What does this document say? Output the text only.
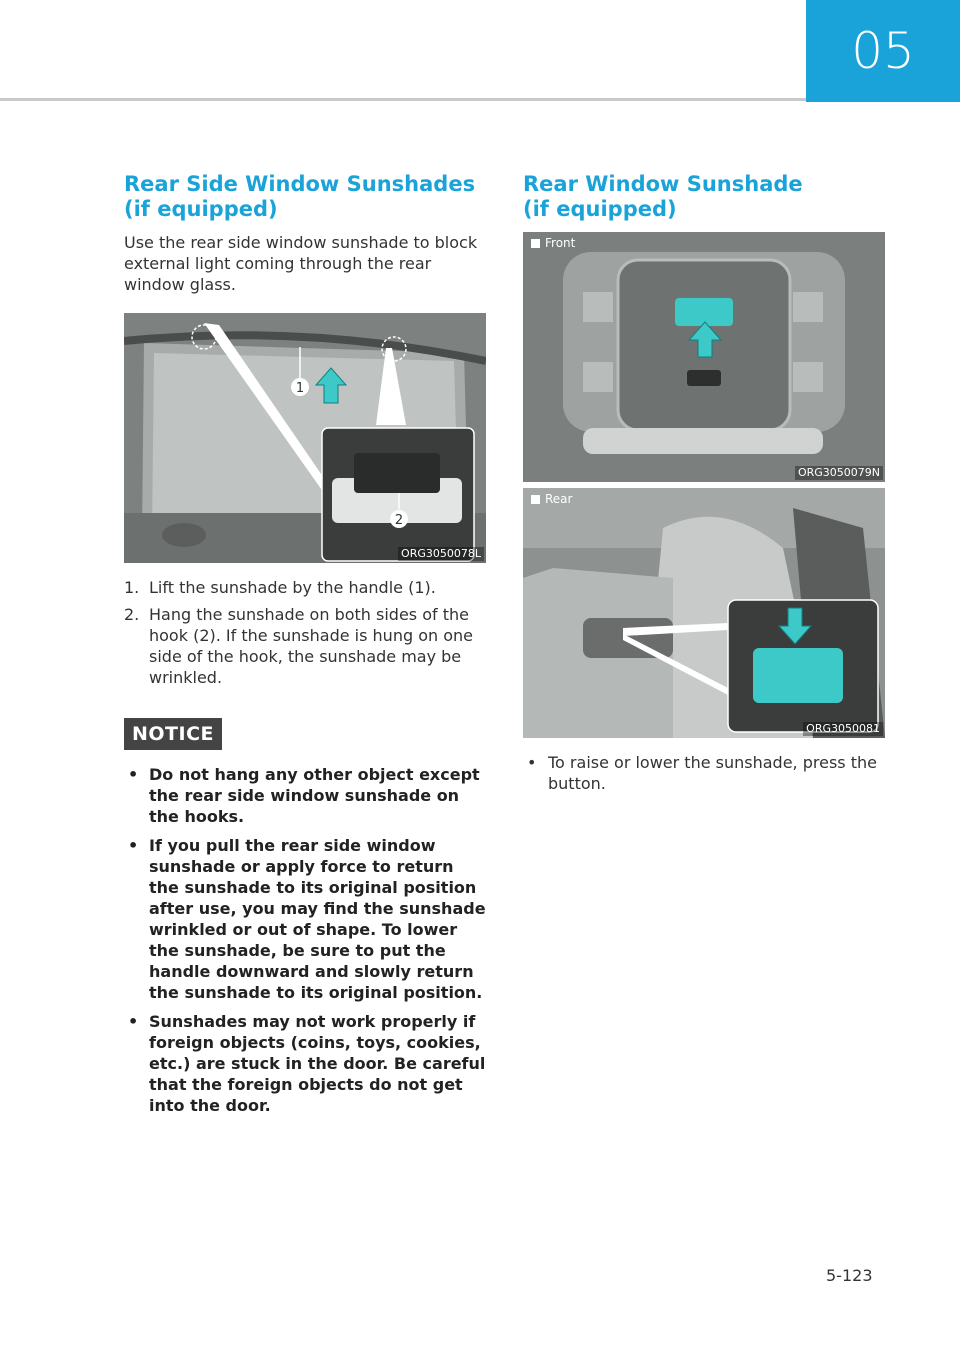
05
Rear Side Window Sunshades
(if equipped)

Use the rear side window sunshade to block external light coming through the rear window glass.

1
2
ORG3050078L
1. Lift the sunshade by the handle (1).
2. Hang the sunshade on both sides of the hook (2). If the sunshade is hung on one side of the hook, the sunshade may be wrinkled.
NOTICE
• Do not hang any other object except the rear side window sunshade on the hooks.
• If you pull the rear side window sunshade or apply force to return the sunshade to its original position after use, you may find the sunshade wrinkled or out of shape. To lower the sunshade, be sure to put the handle downward and slowly return the sunshade to its original position.
• Sunshades may not work properly if foreign objects (coins, toys, cookies, etc.) are stuck in the door. Be careful that the foreign objects do not get into the door.
Rear Window Sunshade
(if equipped)
Front
ORG3050079N
Rear
ORG3050081
• To raise or lower the sunshade, press the button.
5-123
